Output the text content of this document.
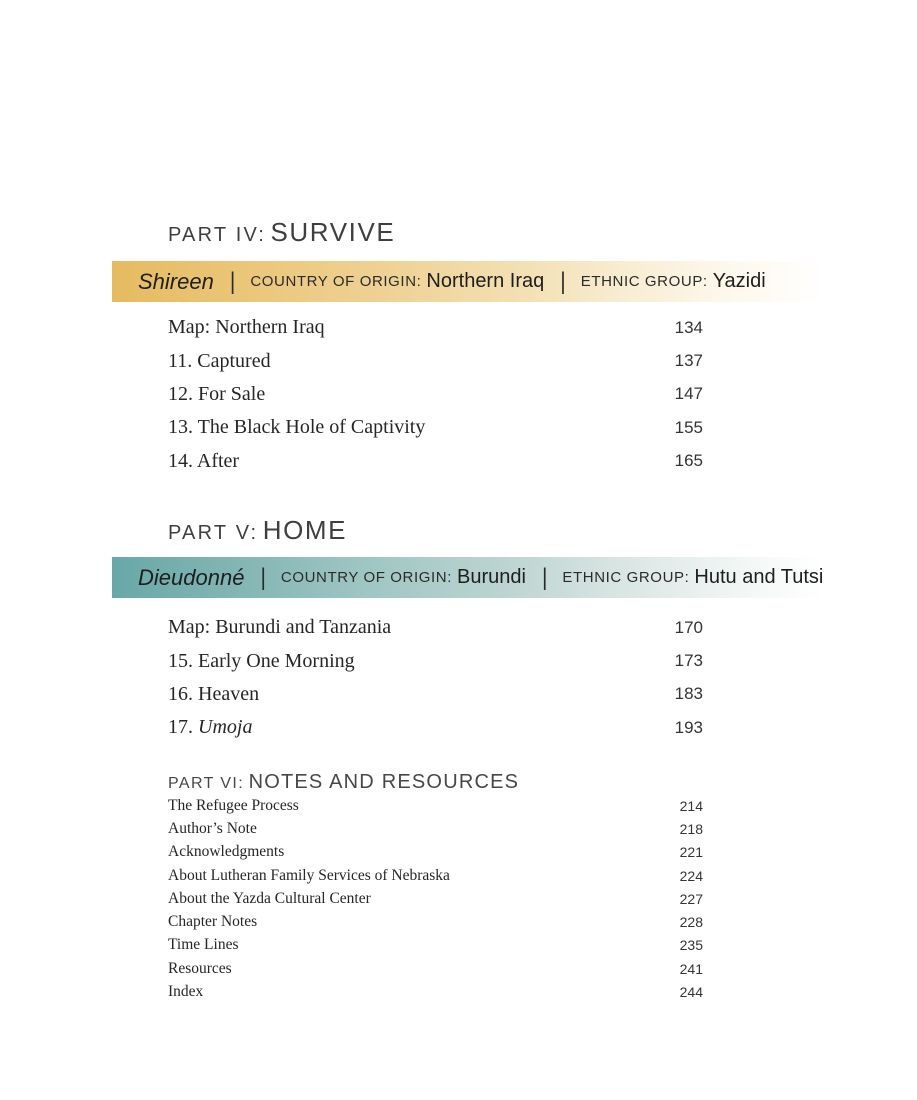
PART IV: SURVIVE
Shireen | COUNTRY OF ORIGIN: Northern Iraq | ETHNIC GROUP: Yazidi
Map: Northern Iraq	134
11. Captured	137
12. For Sale	147
13. The Black Hole of Captivity	155
14. After	165
PART V: HOME
Dieudonné | COUNTRY OF ORIGIN: Burundi | ETHNIC GROUP: Hutu and Tutsi
Map: Burundi and Tanzania	170
15. Early One Morning	173
16. Heaven	183
17. Umoja	193
PART VI: NOTES AND RESOURCES
The Refugee Process	214
Author’s Note	218
Acknowledgments	221
About Lutheran Family Services of Nebraska	224
About the Yazda Cultural Center	227
Chapter Notes	228
Time Lines	235
Resources	241
Index	244
